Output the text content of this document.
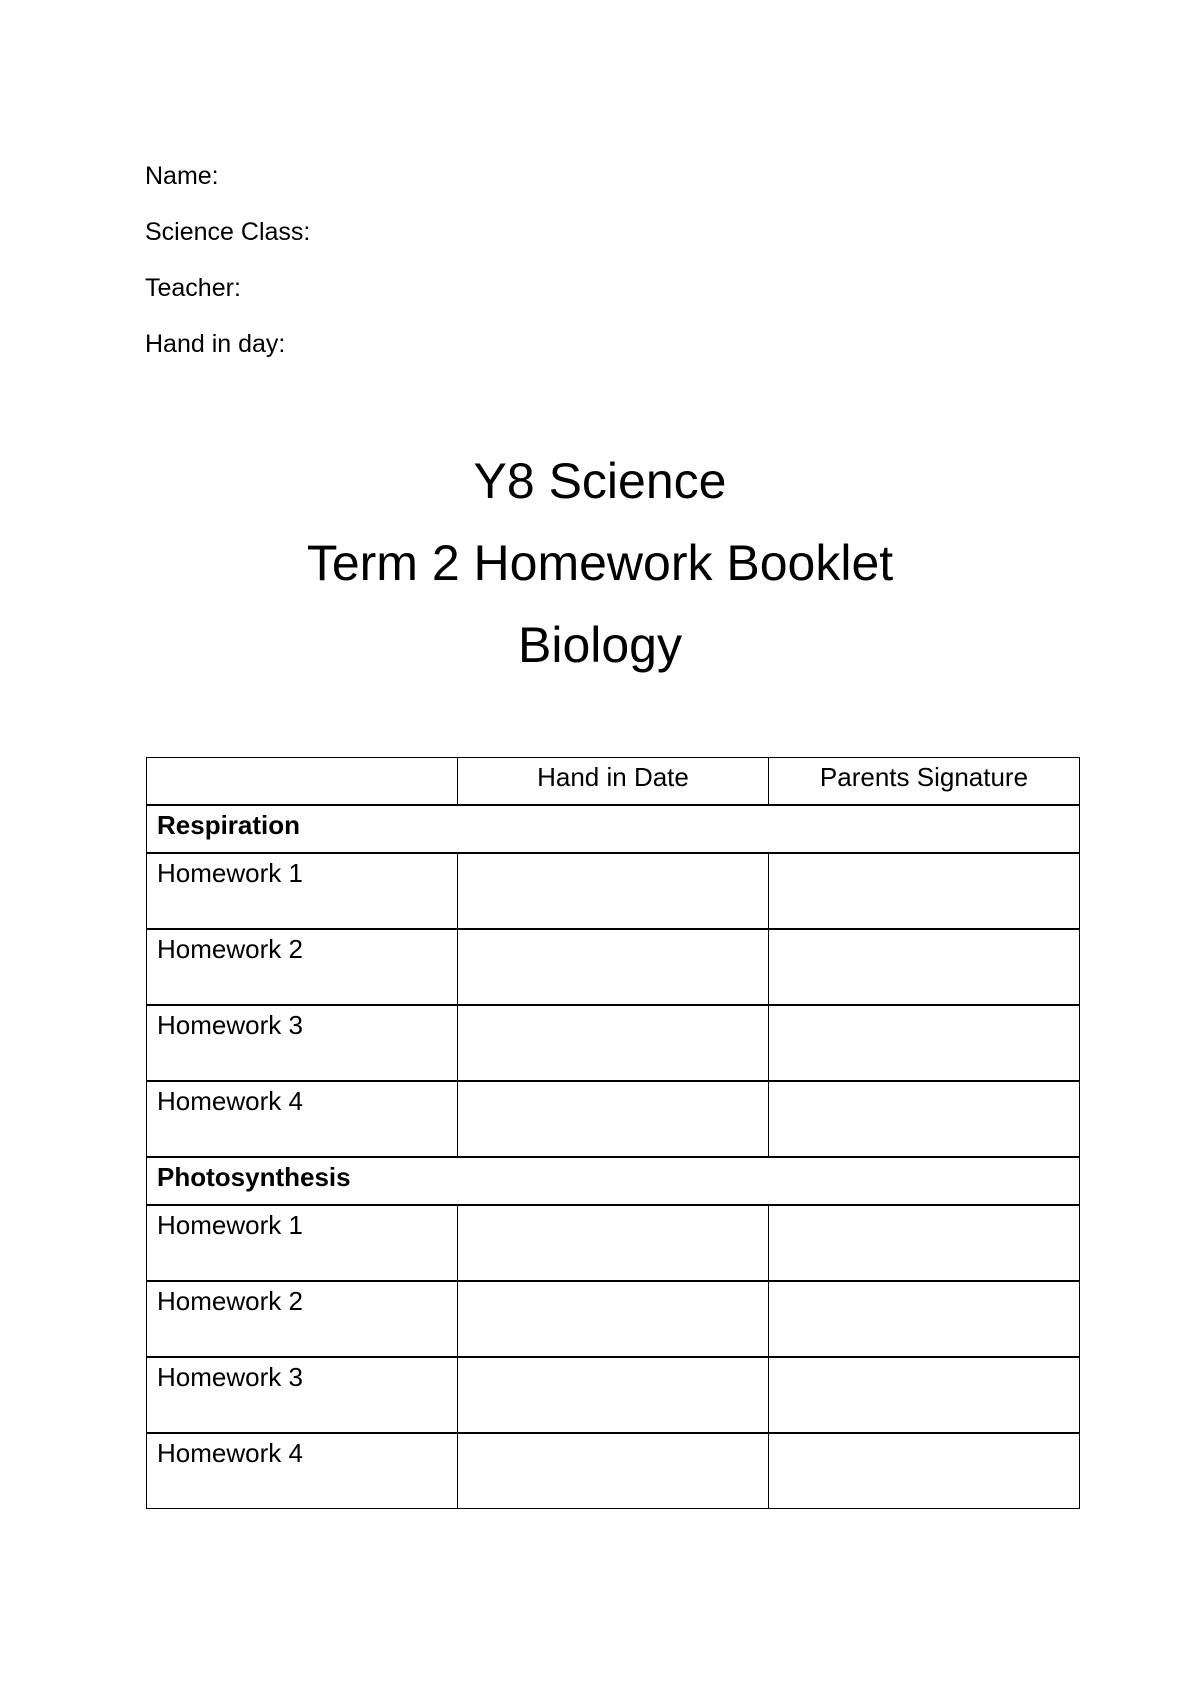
Name:

Science Class:

Teacher:

Hand in day:

Y8 Science

Term 2 Homework Booklet

Biology

	Hand in Date	Parents Signature
Respiration		
Homework 1		
Homework 2		
Homework 3		
Homework 4		
Photosynthesis		
Homework 1		
Homework 2		
Homework 3		
Homework 4		
